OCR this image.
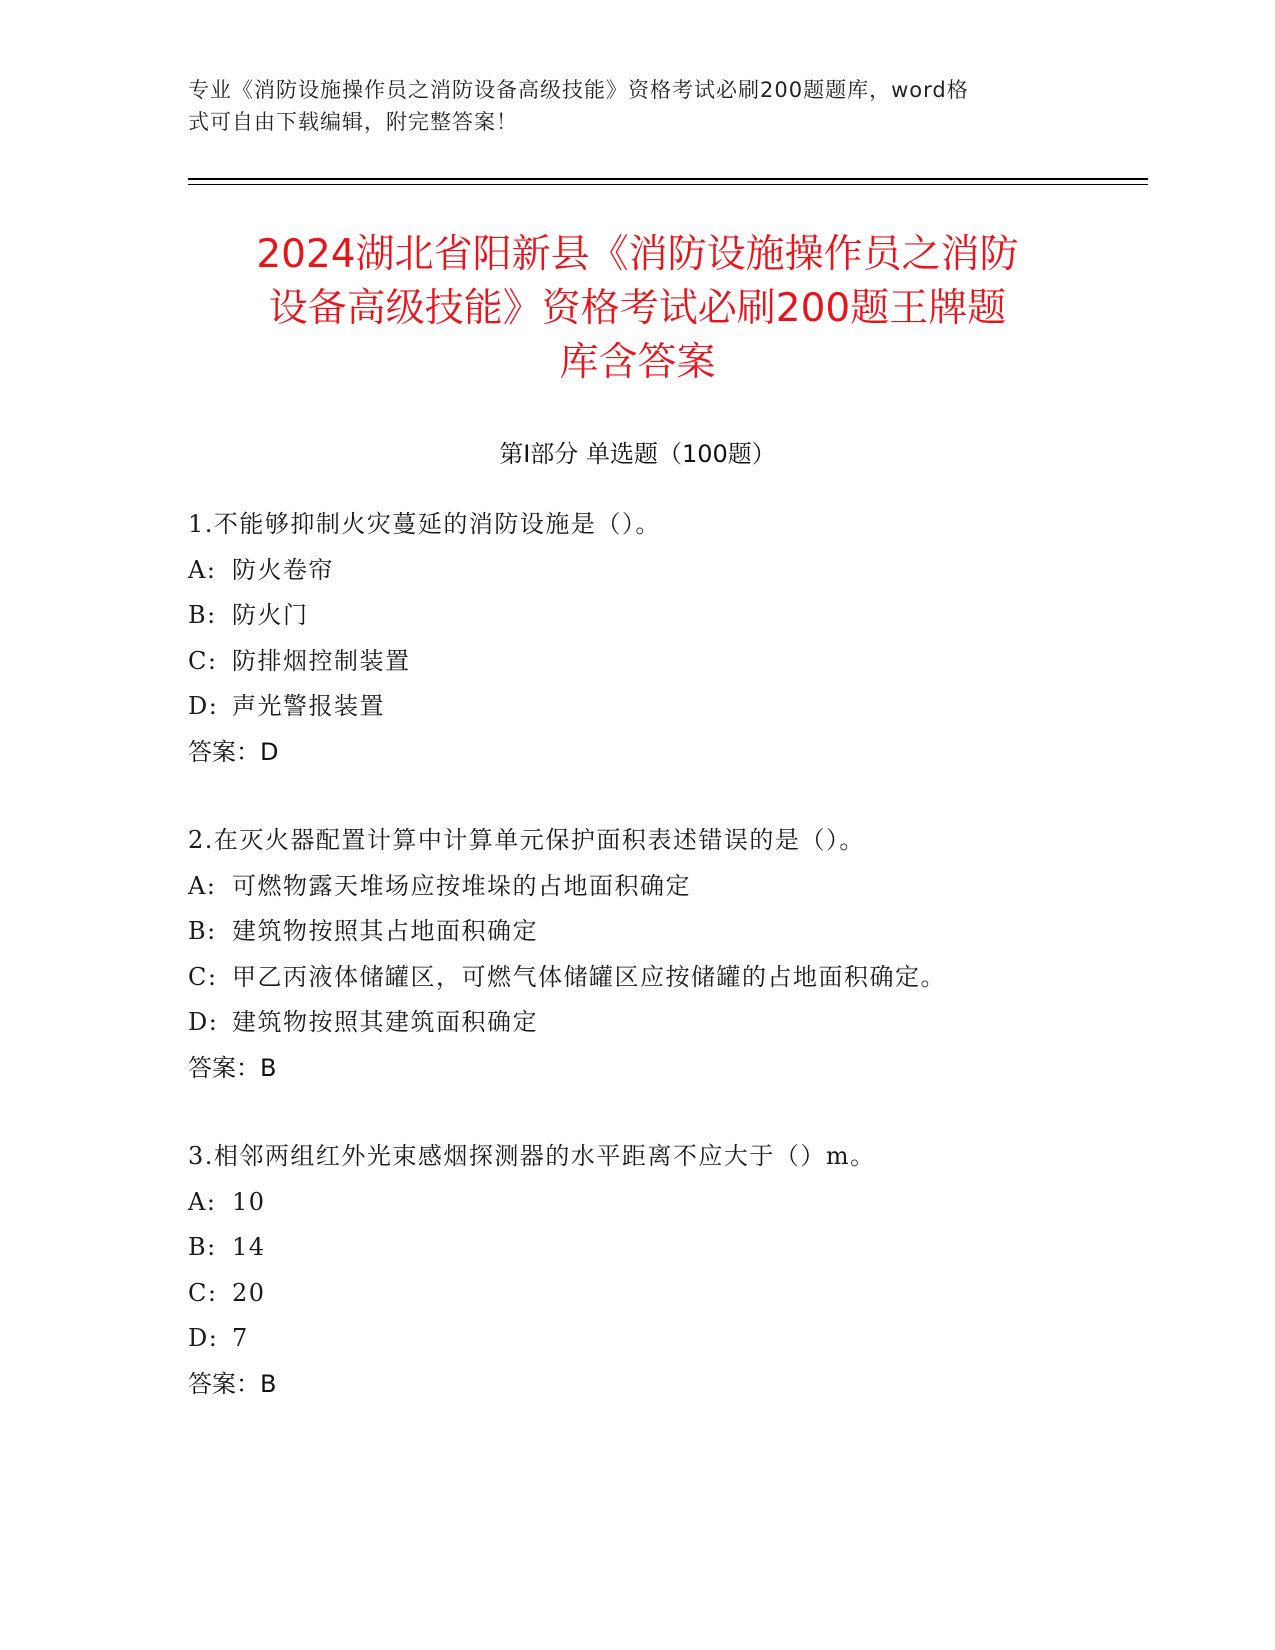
专业《消防设施操作员之消防设备高级技能》资格考试必刷200题题库，word格
式可自由下载编辑，附完整答案！
2024湖北省阳新县《消防设施操作员之消防
设备高级技能》资格考试必刷200题王牌题
库含答案
第Ⅰ部分 单选题（100题）
1.不能够抑制火灾蔓延的消防设施是（）。
A: 防火卷帘
B: 防火门
C: 防排烟控制装置
D: 声光警报装置
答案：D
2.在灭火器配置计算中计算单元保护面积表述错误的是（）。
A: 可燃物露天堆场应按堆垛的占地面积确定
B: 建筑物按照其占地面积确定
C: 甲乙丙液体储罐区，可燃气体储罐区应按储罐的占地面积确定。
D: 建筑物按照其建筑面积确定
答案：B
3.相邻两组红外光束感烟探测器的水平距离不应大于（）m。
A: 10
B: 14
C: 20
D: 7
答案：B
